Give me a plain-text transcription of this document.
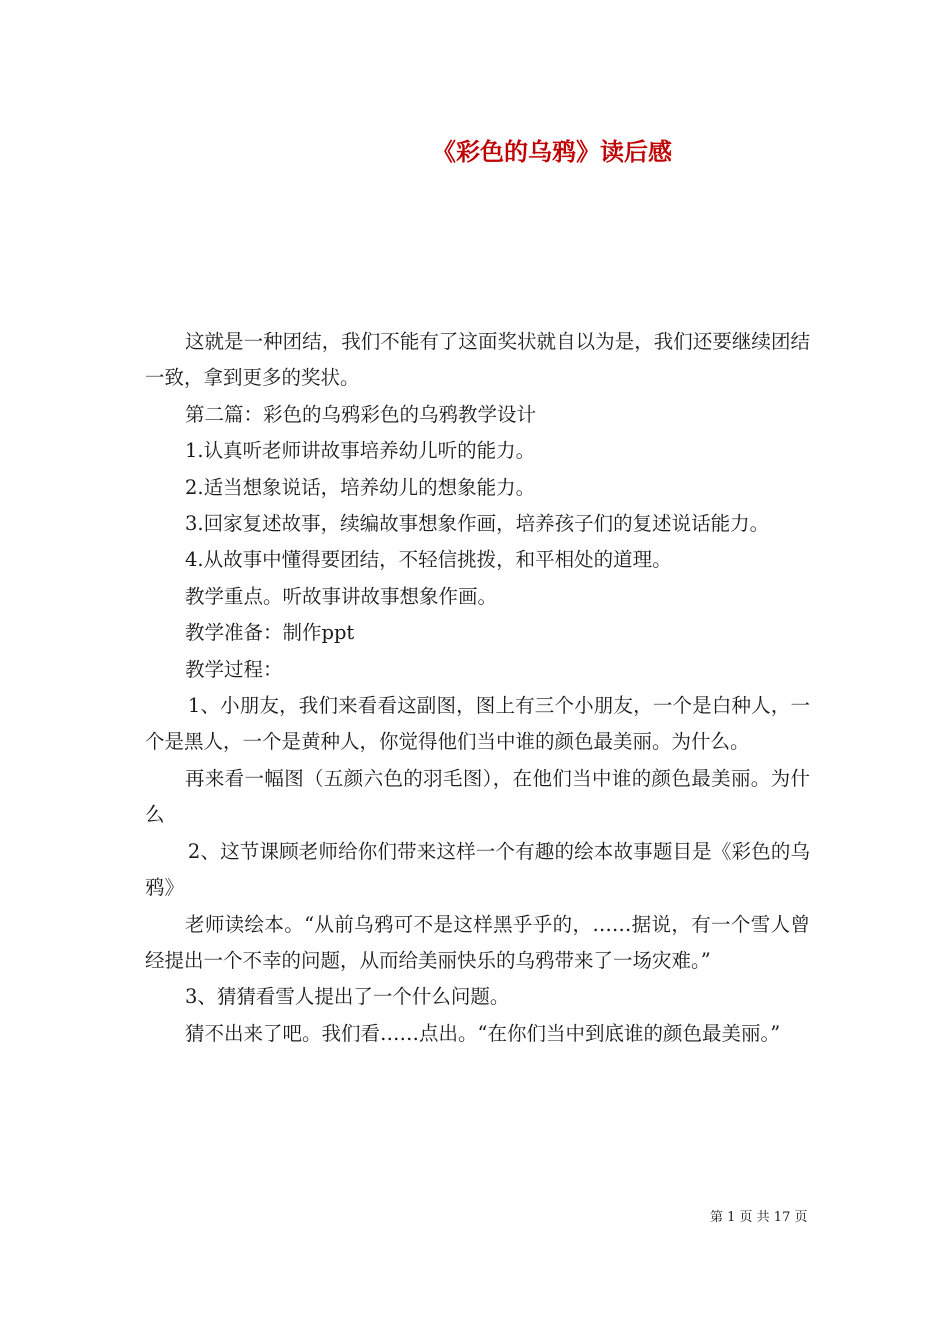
《彩色的乌鸦》读后感

这就是一种团结，我们不能有了这面奖状就自以为是，我们还要继续团结一致，拿到更多的奖状。

第二篇：彩色的乌鸦彩色的乌鸦教学设计

1.认真听老师讲故事培养幼儿听的能力。

2.适当想象说话，培养幼儿的想象能力。

3.回家复述故事，续编故事想象作画，培养孩子们的复述说话能力。

4.从故事中懂得要团结，不轻信挑拨，和平相处的道理。

教学重点。听故事讲故事想象作画。

教学准备：制作ppt

教学过程：

1、小朋友，我们来看看这副图，图上有三个小朋友，一个是白种人，一个是黑人，一个是黄种人，你觉得他们当中谁的颜色最美丽。为什么。

再来看一幅图（五颜六色的羽毛图），在他们当中谁的颜色最美丽。为什么

2、这节课顾老师给你们带来这样一个有趣的绘本故事题目是《彩色的乌鸦》

老师读绘本。“从前乌鸦可不是这样黑乎乎的，……据说，有一个雪人曾经提出一个不幸的问题，从而给美丽快乐的乌鸦带来了一场灾难。”

3、猜猜看雪人提出了一个什么问题。

猜不出来了吧。我们看……点出。“在你们当中到底谁的颜色最美丽。”

第 1 页 共 17 页
